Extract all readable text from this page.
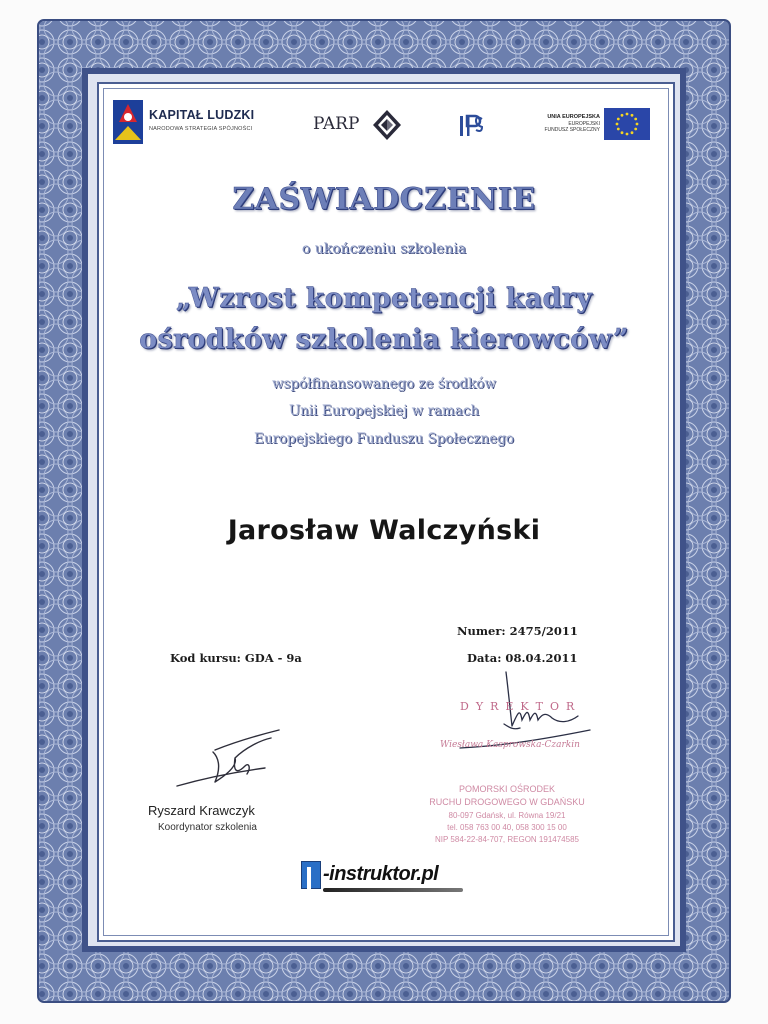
KAPITAŁ LUDZKI
NARODOWA STRATEGIA SPÓJNOŚCI	PARP	UNIA EUROPEJSKA
EUROPEJSKI
FUNDUSZ SPOŁECZNY
ZAŚWIADCZENIE
o ukończeniu szkolenia
„Wzrost kompetencji kadry
ośrodków szkolenia kierowców”
współfinansowanego ze środków
Unii Europejskiej w ramach
Europejskiego Funduszu Społecznego
Jarosław Walczyński
Numer: 2475/2011
Data: 08.04.2011
Kod kursu: GDA - 9a
Ryszard Krawczyk
Koordynator szkolenia
DYREKTOR
Wiesława Kasprowska-Czarkin
POMORSKI OŚRODEK
RUCHU DROGOWEGO W GDAŃSKU
80-097 Gdańsk, ul. Równa 19/21
tel. 058 763 00 40, 058 300 15 00
NIP 584-22-84-707, REGON 191474585
-instruktor.pl
